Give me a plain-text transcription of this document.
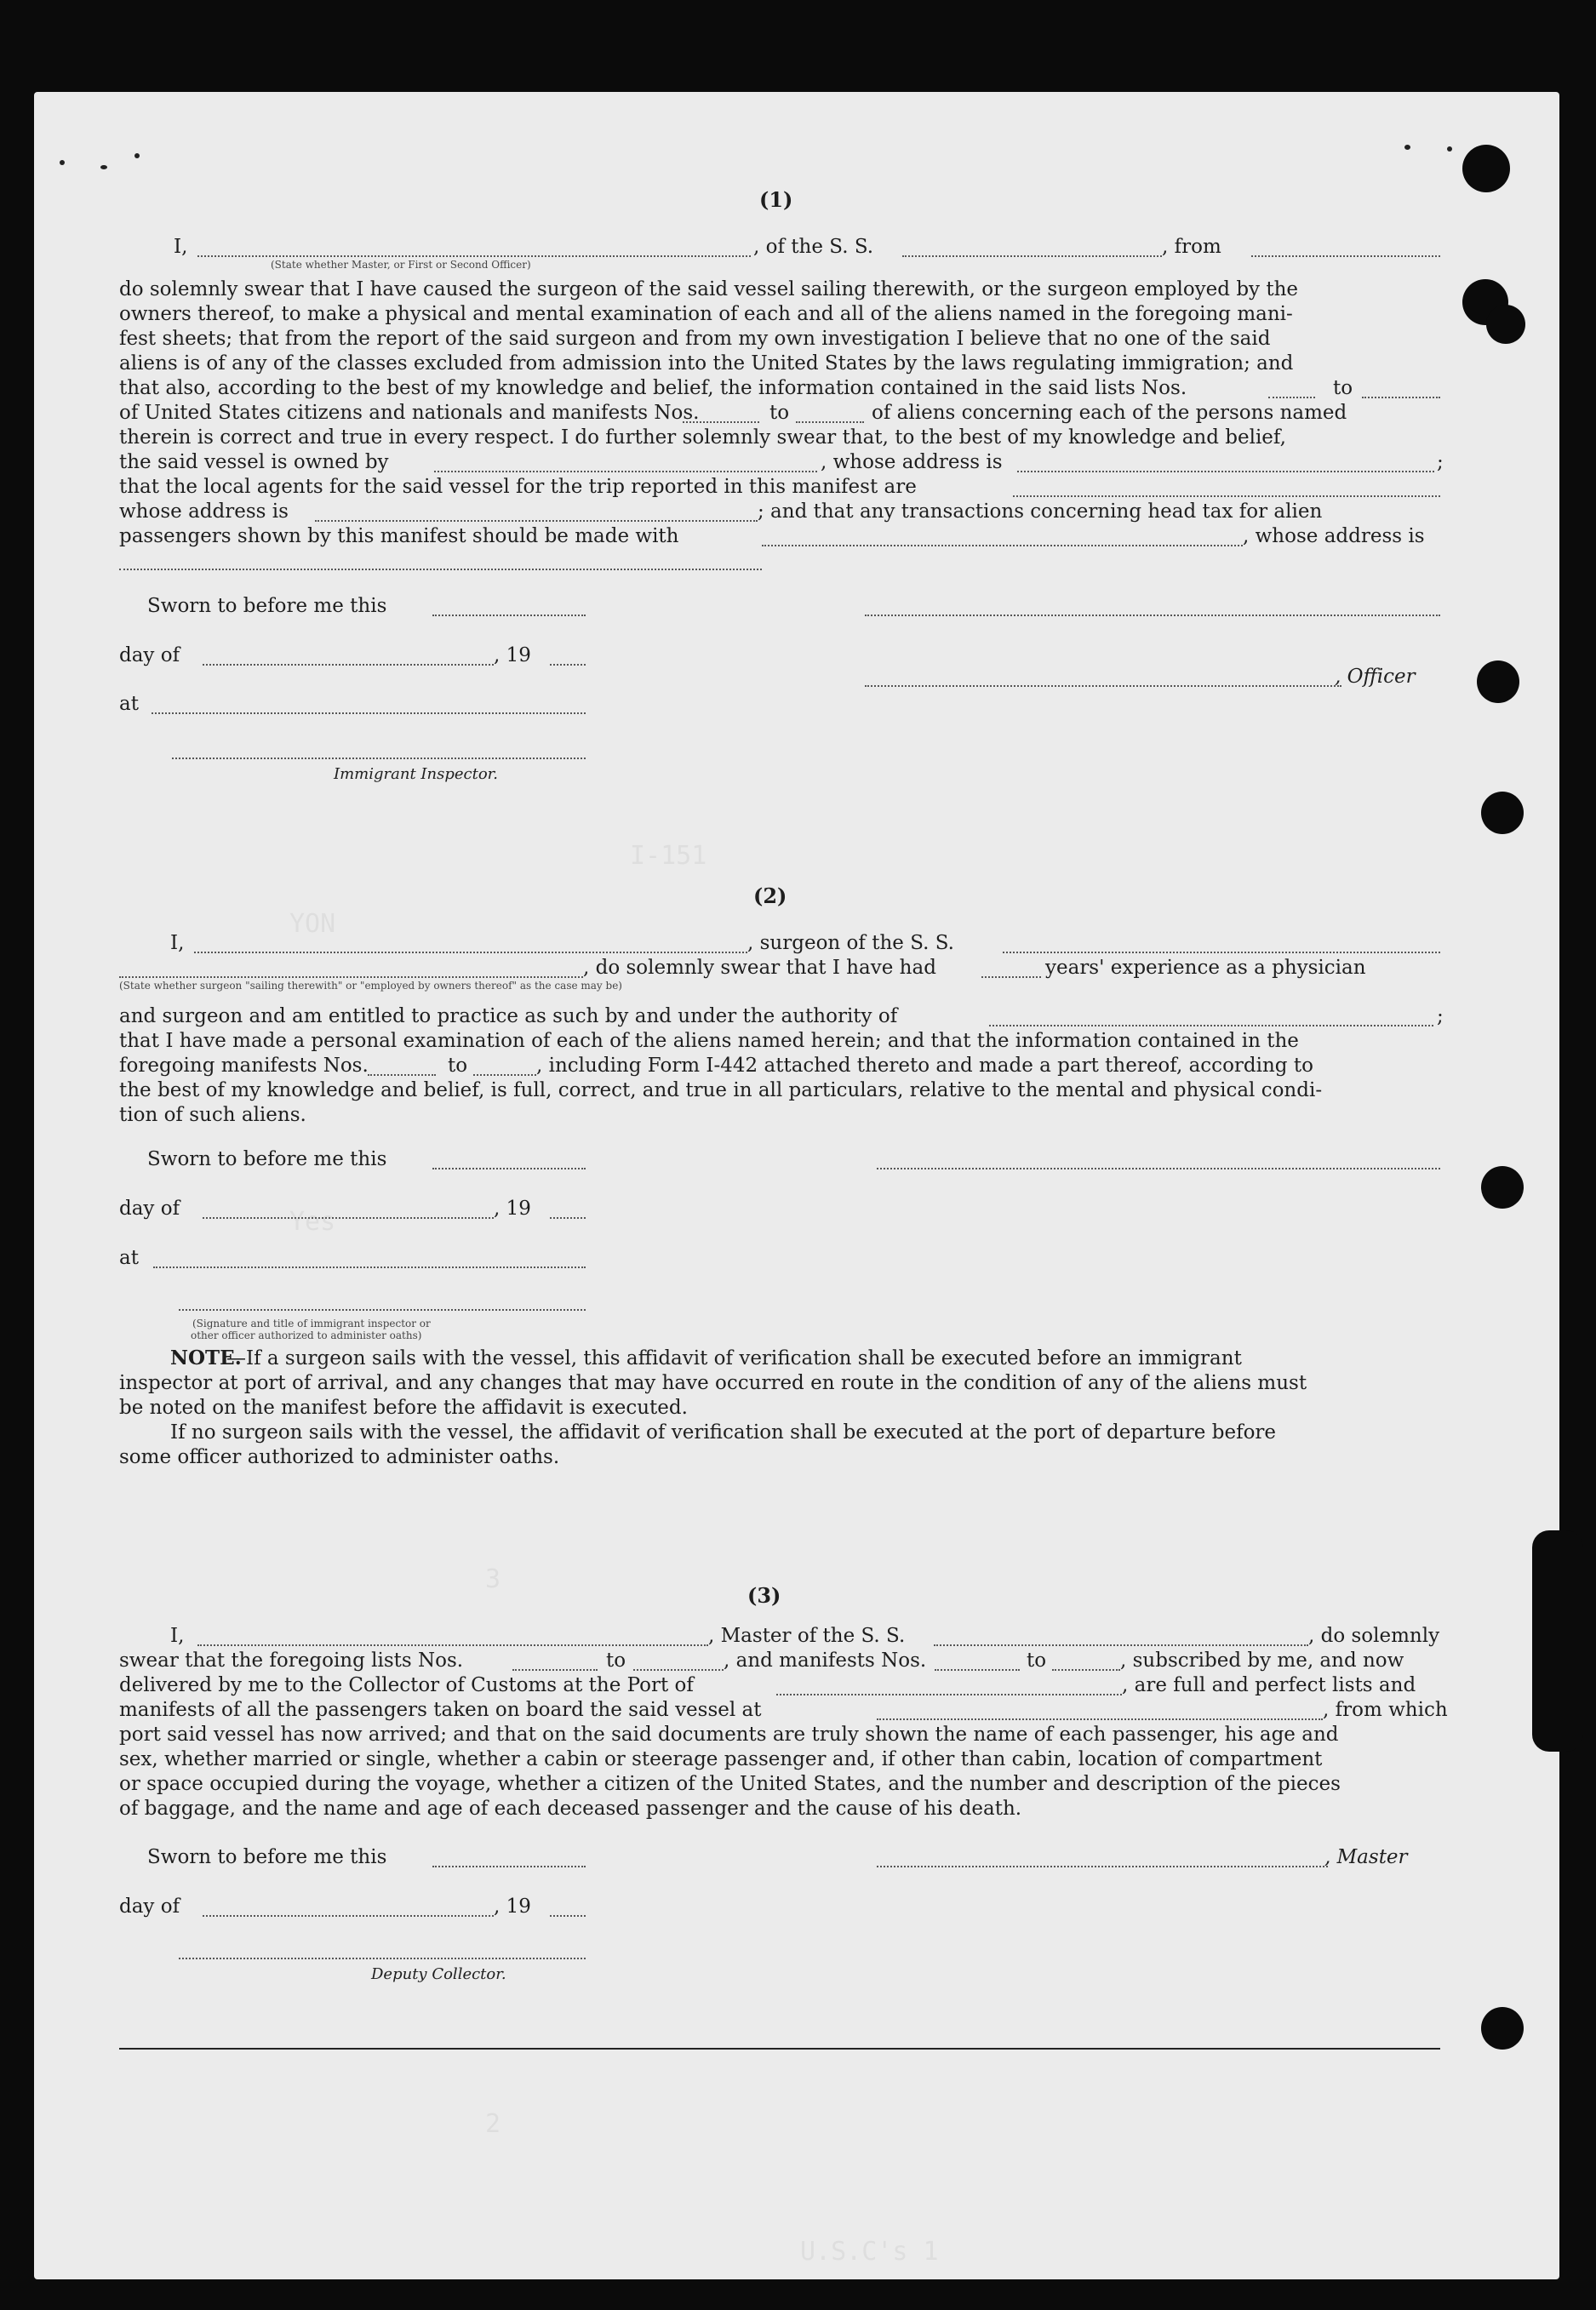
YON
Yes
I-151
3
2
U.S.C's 1
(1)
I,	, of the S. S.	, from
(State whether Master, or First or Second Officer)
do solemnly swear that I have caused the surgeon of the said vessel sailing therewith, or the surgeon employed by the
owners thereof, to make a physical and mental examination of each and all of the aliens named in the foregoing mani-
fest sheets; that from the report of the said surgeon and from my own investigation I believe that no one of the said
aliens is of any of the classes excluded from admission into the United States by the laws regulating immigration; and
that also, according to the best of my knowledge and belief, the information contained in the said lists Nos.	to
of United States citizens and nationals and manifests Nos.	to	of aliens concerning each of the persons named
therein is correct and true in every respect. I do further solemnly swear that, to the best of my knowledge and belief,
the said vessel is owned by	, whose address is	;
that the local agents for the said vessel for the trip reported in this manifest are
whose address is	; and that any transactions concerning head tax for alien
passengers shown by this manifest should be made with	, whose address is
Sworn to before me this
day of	, 19
, Officer
at
Immigrant Inspector.
(2)
I,	, surgeon of the S. S.
, do solemnly swear that I have had	years' experience as a physician
(State whether surgeon "sailing therewith" or "employed by owners thereof" as the case may be)
and surgeon and am entitled to practice as such by and under the authority of	;
that I have made a personal examination of each of the aliens named herein; and that the information contained in the
foregoing manifests Nos.	to	, including Form I-442 attached thereto and made a part thereof, according to
the best of my knowledge and belief, is full, correct, and true in all particulars, relative to the mental and physical condi-
tion of such aliens.
Sworn to before me this
day of	, 19
at
(Signature and title of immigrant inspector or
other officer authorized to administer oaths)
NOTE.
—If a surgeon sails with the vessel, this affidavit of verification shall be executed before an immigrant
inspector at port of arrival, and any changes that may have occurred en route in the condition of any of the aliens must
be noted on the manifest before the affidavit is executed.
If no surgeon sails with the vessel, the affidavit of verification shall be executed at the port of departure before
some officer authorized to administer oaths.
(3)
I,	, Master of the S. S.	, do solemnly
swear that the foregoing lists Nos.	to	, and manifests Nos.	to	, subscribed by me, and now
delivered by me to the Collector of Customs at the Port of	, are full and perfect lists and
manifests of all the passengers taken on board the said vessel at	, from which
port said vessel has now arrived; and that on the said documents are truly shown the name of each passenger, his age and
sex, whether married or single, whether a cabin or steerage passenger and, if other than cabin, location of compartment
or space occupied during the voyage, whether a citizen of the United States, and the number and description of the pieces
of baggage, and the name and age of each deceased passenger and the cause of his death.
Sworn to before me this	, Master
day of	, 19
Deputy Collector.
